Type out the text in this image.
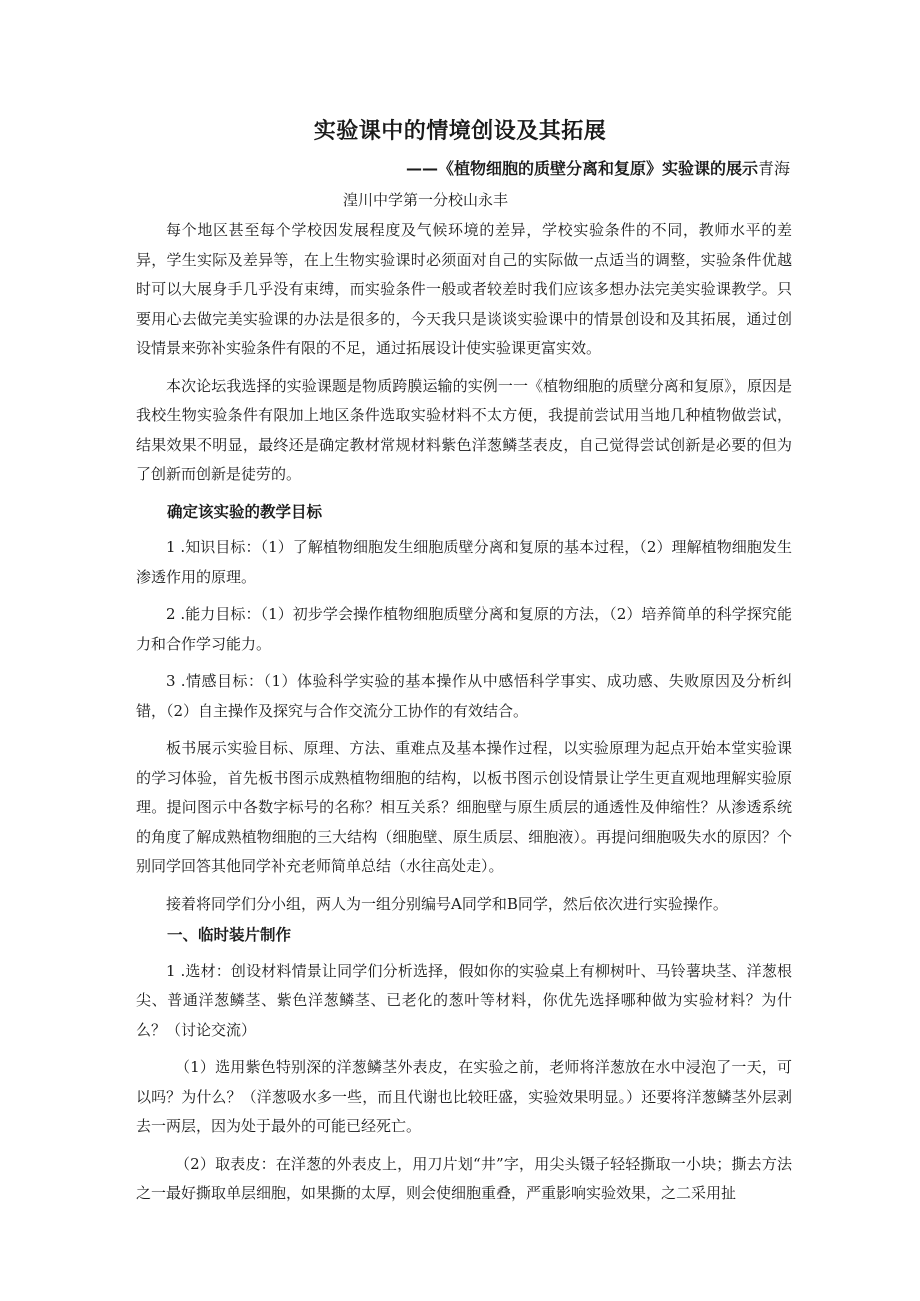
实验课中的情境创设及其拓展
——《植物细胞的质壁分离和复原》实验课的展示青海
湟川中学第一分校山永丰

每个地区甚至每个学校因发展程度及气候环境的差异，学校实验条件的不同，教师水平的差异，学生实际及差异等，在上生物实验课时必须面对自己的实际做一点适当的调整，实验条件优越时可以大展身手几乎没有束缚，而实验条件一般或者较差时我们应该多想办法完美实验课教学。只要用心去做完美实验课的办法是很多的，今天我只是谈谈实验课中的情景创设和及其拓展，通过创设情景来弥补实验条件有限的不足，通过拓展设计使实验课更富实效。

本次论坛我选择的实验课题是物质跨膜运输的实例一一《植物细胞的质壁分离和复原》，原因是我校生物实验条件有限加上地区条件选取实验材料不太方便，我提前尝试用当地几种植物做尝试，结果效果不明显，最终还是确定教材常规材料紫色洋葱鳞茎表皮，自己觉得尝试创新是必要的但为了创新而创新是徒劳的。

确定该实验的教学目标

1 .知识目标：（1）了解植物细胞发生细胞质壁分离和复原的基本过程，（2）理解植物细胞发生渗透作用的原理。

2 .能力目标：（1）初步学会操作植物细胞质壁分离和复原的方法，（2）培养简单的科学探究能力和合作学习能力。

3 .情感目标：（1）体验科学实验的基本操作从中感悟科学事实、成功感、失败原因及分析纠错，（2）自主操作及探究与合作交流分工协作的有效结合。

板书展示实验目标、原理、方法、重难点及基本操作过程，以实验原理为起点开始本堂实验课的学习体验，首先板书图示成熟植物细胞的结构，以板书图示创设情景让学生更直观地理解实验原理。提问图示中各数字标号的名称？相互关系？细胞壁与原生质层的通透性及伸缩性？从渗透系统的角度了解成熟植物细胞的三大结构（细胞壁、原生质层、细胞液）。再提问细胞吸失水的原因？个别同学回答其他同学补充老师简单总结（水往高处走）。

接着将同学们分小组，两人为一组分别编号A同学和B同学，然后依次进行实验操作。

一、临时装片制作

1 .选材：创设材料情景让同学们分析选择，假如你的实验桌上有柳树叶、马铃薯块茎、洋葱根尖、普通洋葱鳞茎、紫色洋葱鳞茎、已老化的葱叶等材料，你优先选择哪种做为实验材料？为什么？（讨论交流）

（1）选用紫色特别深的洋葱鳞茎外表皮，在实验之前，老师将洋葱放在水中浸泡了一天，可以吗？为什么？（洋葱吸水多一些，而且代谢也比较旺盛，实验效果明显。）还要将洋葱鳞茎外层剥去一两层，因为处于最外的可能已经死亡。

（2）取表皮：在洋葱的外表皮上，用刀片划“井”字，用尖头镊子轻轻撕取一小块；撕去方法之一最好撕取单层细胞，如果撕的太厚，则会使细胞重叠，严重影响实验效果，之二采用扯
